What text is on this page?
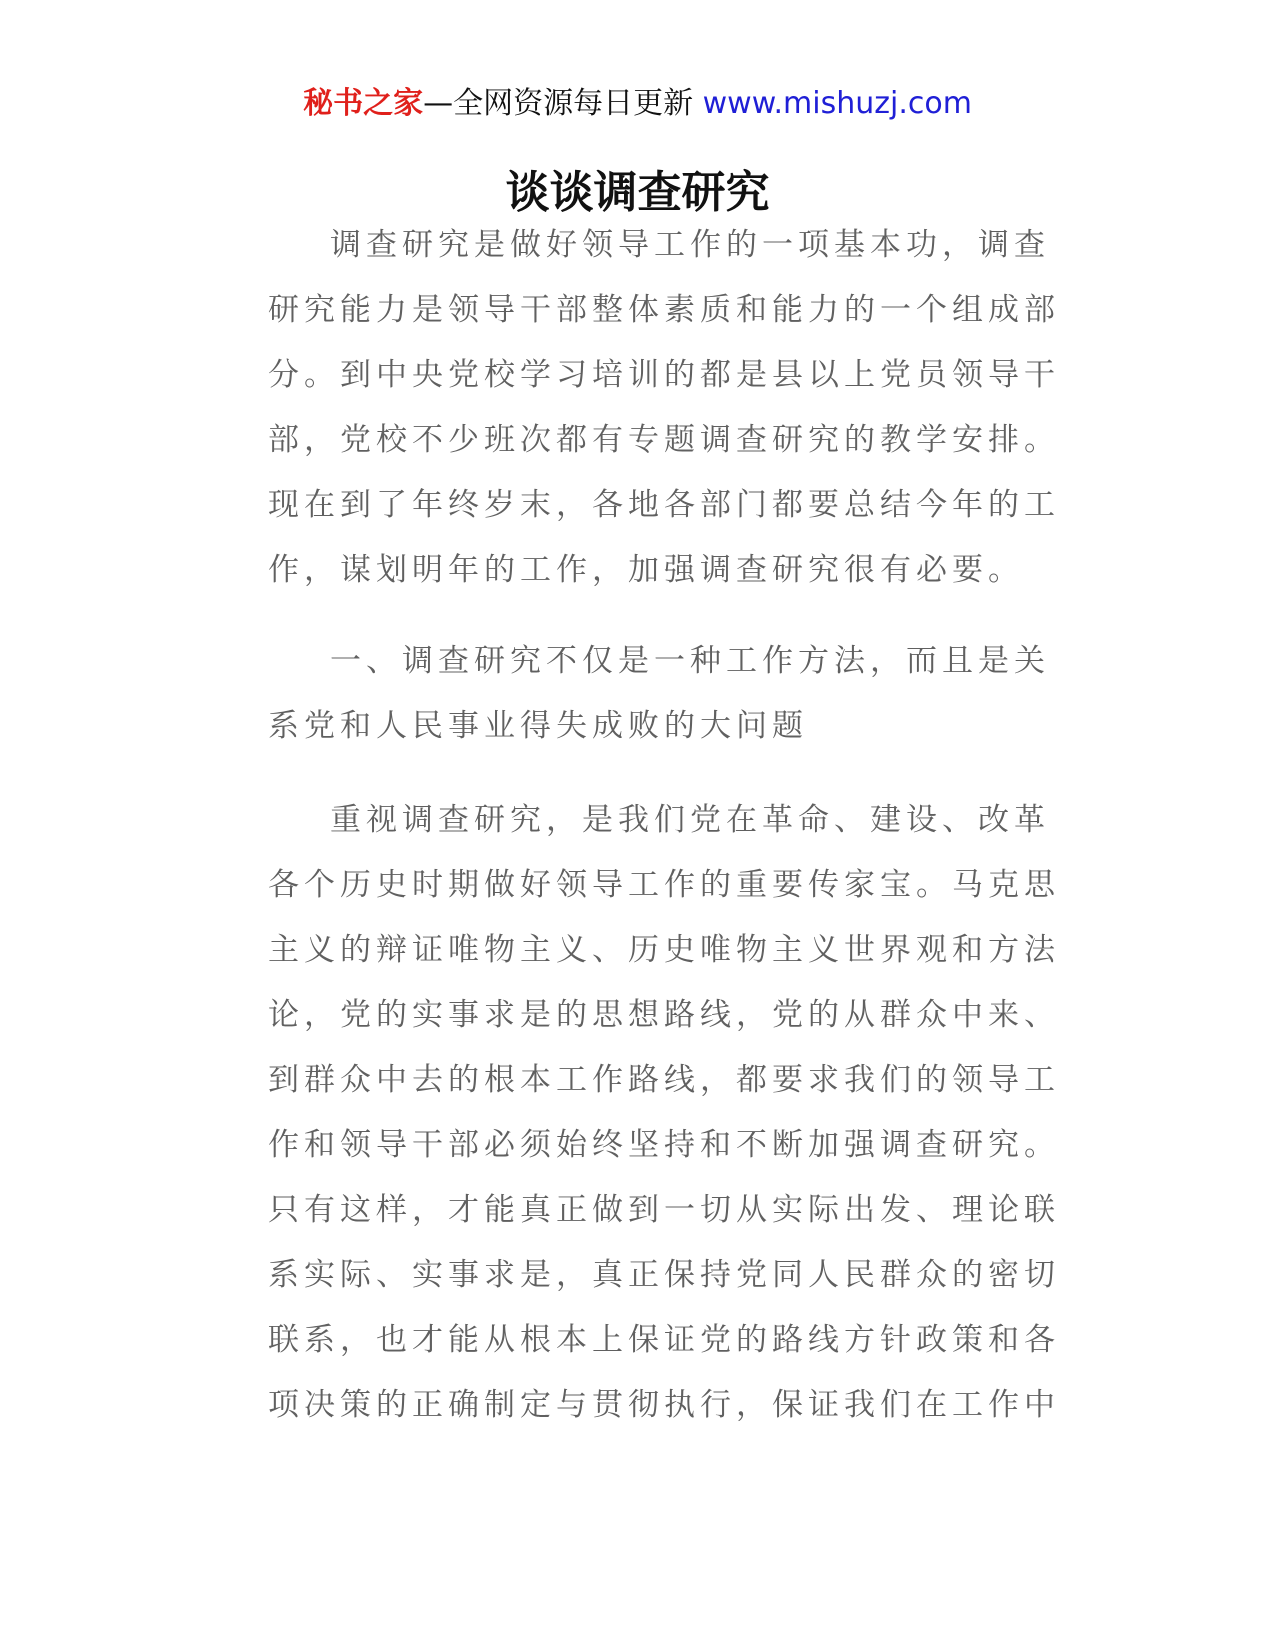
秘书之家—全网资源每日更新 www.mishuzj.com
谈谈调查研究
调查研究是做好领导工作的一项基本功，调查
研究能力是领导干部整体素质和能力的一个组成部
分。到中央党校学习培训的都是县以上党员领导干
部，党校不少班次都有专题调查研究的教学安排。
现在到了年终岁末，各地各部门都要总结今年的工
作，谋划明年的工作，加强调查研究很有必要。
一、调查研究不仅是一种工作方法，而且是关
系党和人民事业得失成败的大问题
重视调查研究，是我们党在革命、建设、改革
各个历史时期做好领导工作的重要传家宝。马克思
主义的辩证唯物主义、历史唯物主义世界观和方法
论，党的实事求是的思想路线，党的从群众中来、
到群众中去的根本工作路线，都要求我们的领导工
作和领导干部必须始终坚持和不断加强调查研究。
只有这样，才能真正做到一切从实际出发、理论联
系实际、实事求是，真正保持党同人民群众的密切
联系，也才能从根本上保证党的路线方针政策和各
项决策的正确制定与贯彻执行，保证我们在工作中
